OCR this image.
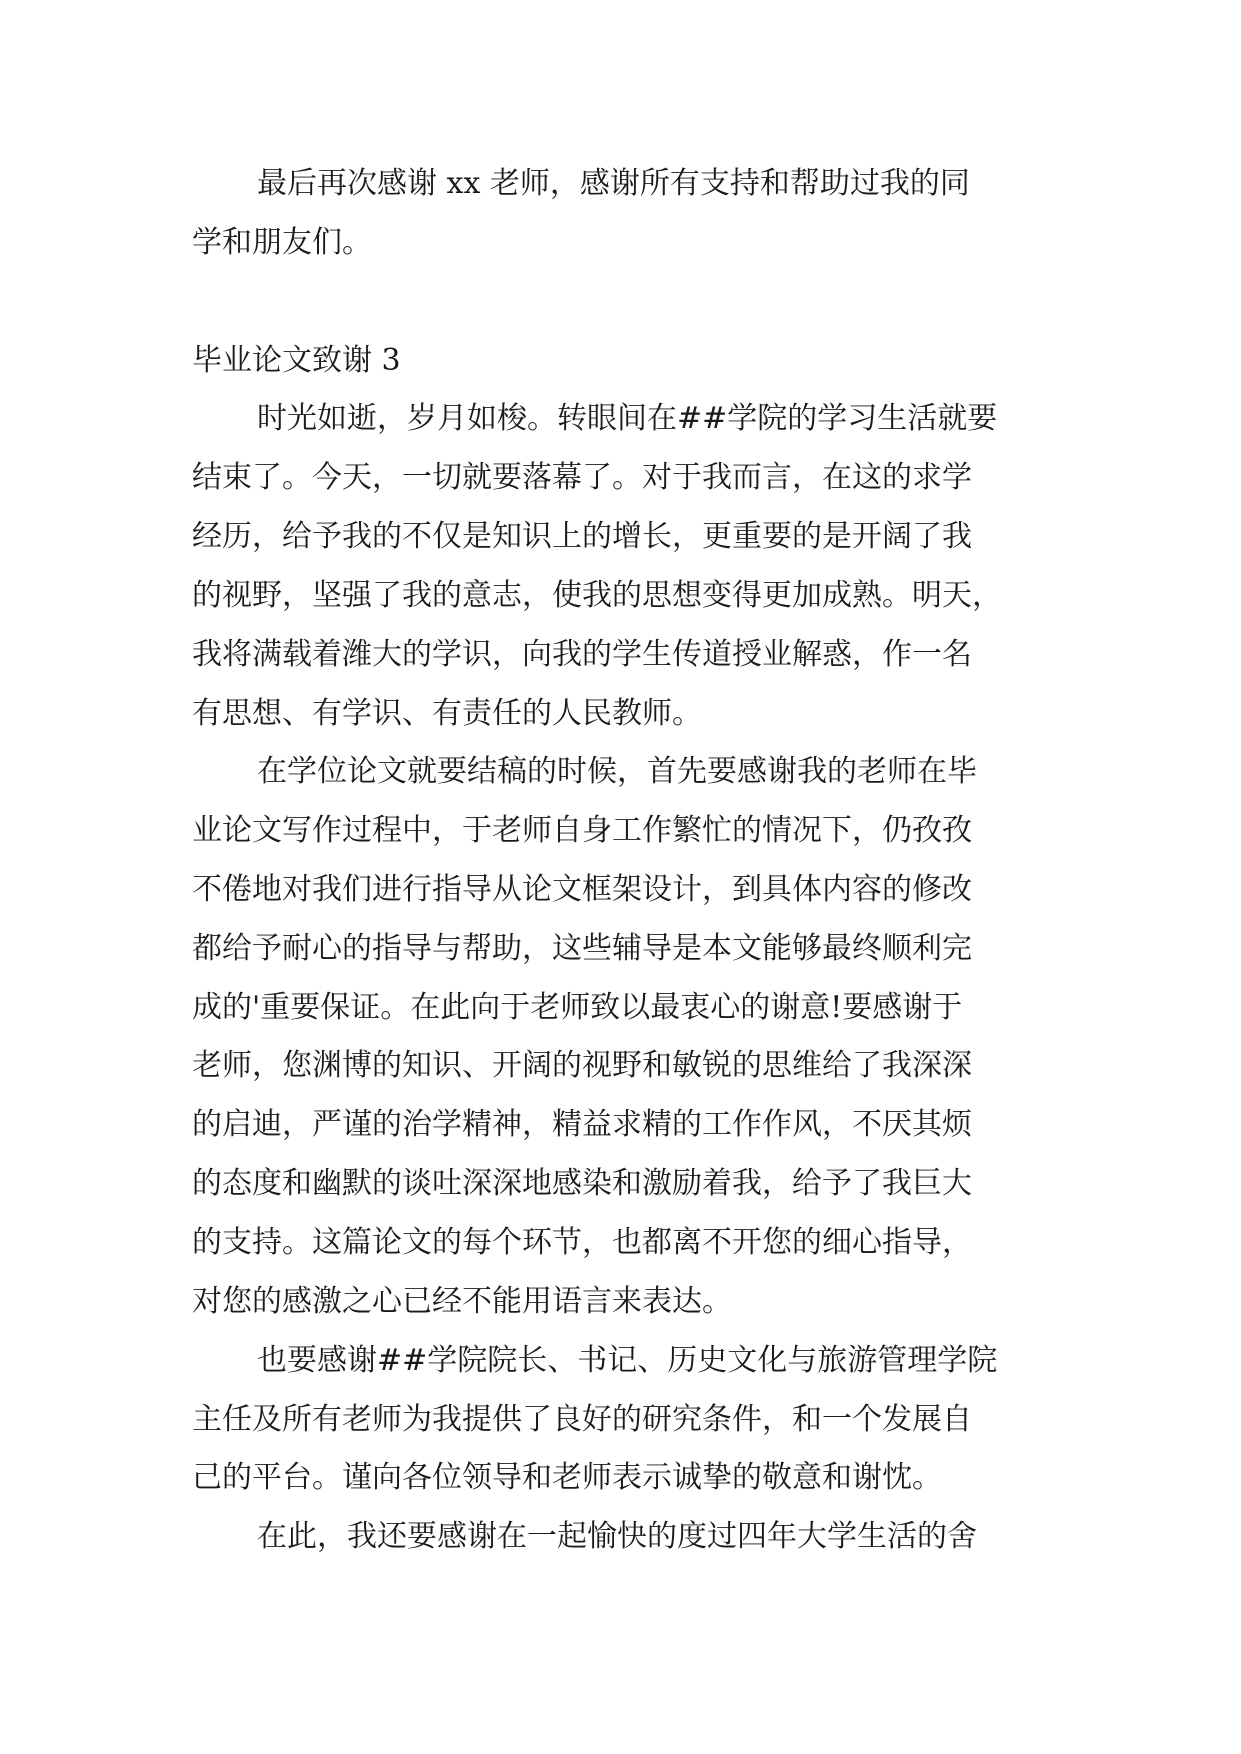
最后再次感谢 xx 老师，感谢所有支持和帮助过我的同

学和朋友们。

毕业论文致谢 3

时光如逝，岁月如梭。转眼间在##学院的学习生活就要

结束了。今天，一切就要落幕了。对于我而言，在这的求学

经历，给予我的不仅是知识上的增长，更重要的是开阔了我

的视野，坚强了我的意志，使我的思想变得更加成熟。明天，

我将满载着潍大的学识，向我的学生传道授业解惑，作一名

有思想、有学识、有责任的人民教师。

在学位论文就要结稿的时候，首先要感谢我的老师在毕

业论文写作过程中，于老师自身工作繁忙的情况下，仍孜孜

不倦地对我们进行指导从论文框架设计，到具体内容的修改

都给予耐心的指导与帮助，这些辅导是本文能够最终顺利完

成的'重要保证。在此向于老师致以最衷心的谢意!要感谢于

老师，您渊博的知识、开阔的视野和敏锐的思维给了我深深

的启迪，严谨的治学精神，精益求精的工作作风，不厌其烦

的态度和幽默的谈吐深深地感染和激励着我，给予了我巨大

的支持。这篇论文的每个环节，也都离不开您的细心指导，

对您的感激之心已经不能用语言来表达。

也要感谢##学院院长、书记、历史文化与旅游管理学院

主任及所有老师为我提供了良好的研究条件，和一个发展自

己的平台。谨向各位领导和老师表示诚挚的敬意和谢忱。

在此，我还要感谢在一起愉快的度过四年大学生活的舍
